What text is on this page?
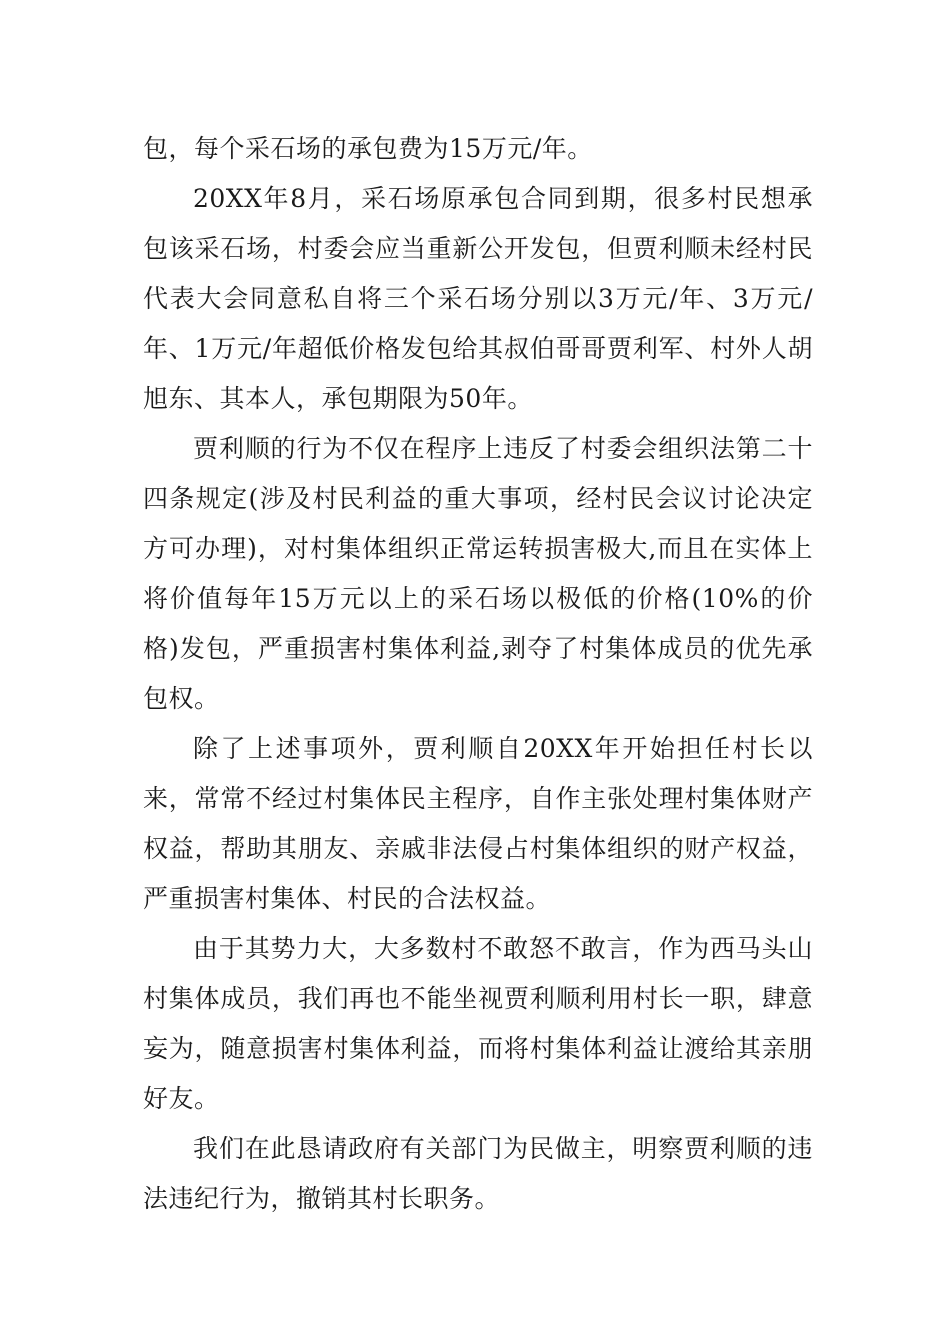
包，每个采石场的承包费为15万元/年。

20XX年8月，采石场原承包合同到期，很多村民想承包该采石场，村委会应当重新公开发包，但贾利顺未经村民代表大会同意私自将三个采石场分别以3万元/年、3万元/年、1万元/年超低价格发包给其叔伯哥哥贾利军、村外人胡旭东、其本人，承包期限为50年。

贾利顺的行为不仅在程序上违反了村委会组织法第二十四条规定(涉及村民利益的重大事项，经村民会议讨论决定方可办理)，对村集体组织正常运转损害极大,而且在实体上将价值每年15万元以上的采石场以极低的价格(10%的价格)发包，严重损害村集体利益,剥夺了村集体成员的优先承包权。

除了上述事项外，贾利顺自20XX年开始担任村长以来，常常不经过村集体民主程序，自作主张处理村集体财产权益，帮助其朋友、亲戚非法侵占村集体组织的财产权益，严重损害村集体、村民的合法权益。

由于其势力大，大多数村不敢怒不敢言，作为西马头山村集体成员，我们再也不能坐视贾利顺利用村长一职，肆意妄为，随意损害村集体利益，而将村集体利益让渡给其亲朋好友。

我们在此恳请政府有关部门为民做主，明察贾利顺的违法违纪行为，撤销其村长职务。
